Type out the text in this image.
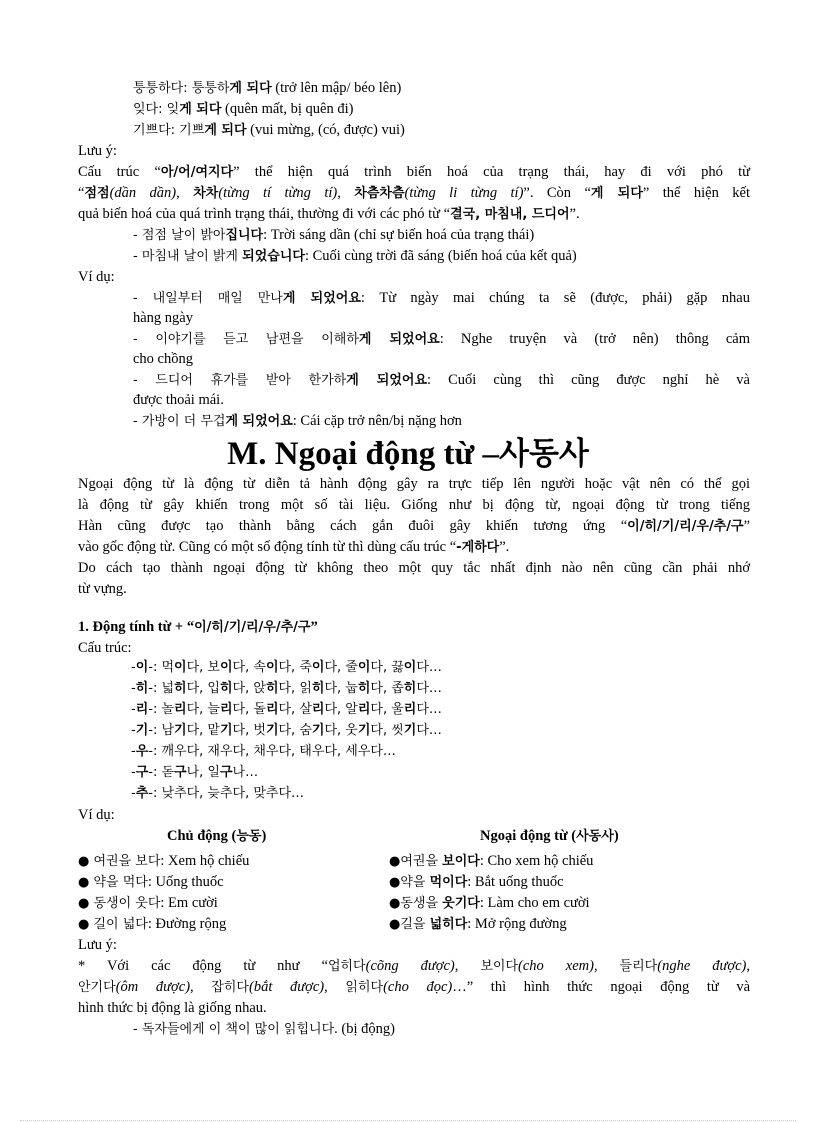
퉁퉁하다: 퉁퉁하게 되다 (trở lên mập/ béo lên)
잊다: 잊게 되다 (quên mất, bị quên đi)
기쁘다: 기쁘게 되다 (vui mừng, (có, được) vui)
Lưu ý:
Cấu trúc “아/어/여지다” thể hiện quá trình biến hoá của trạng thái, hay đi với phó từ
“점점(dần dần), 차차(từng tí từng tí), 차츰차츰(từng li từng tí)”. Còn “게 되다” thể hiện kết
quả biến hoá của quá trình trạng thái, thường đi với các phó từ “결국, 마침내, 드디어”.
- 점점 날이 밝아집니다: Trời sáng dần (chỉ sự biến hoá của trạng thái)
- 마침내 날이 밝게 되었습니다: Cuối cùng trời đã sáng (biến hoá của kết quả)
Ví dụ:
- 내일부터 매일 만나게 되었어요: Từ ngày mai chúng ta sẽ (được, phải) gặp nhau
hàng ngày
- 이야기를 듣고 남편을 이해하게 되었어요: Nghe truyện và (trở nên) thông cảm
cho chồng
- 드디어 휴가를 받아 한가하게 되었어요: Cuối cùng thì cũng được nghỉ hè và
được thoải mái.
- 가방이 더 무겁게 되었어요: Cái cặp trở nên/bị nặng hơn
M. Ngoại động từ –사동사
Ngoại động từ là động từ diễn tả hành động gây ra trực tiếp lên người hoặc vật nên có thể gọi
là động từ gây khiến trong một số tài liệu. Giống như bị động từ, ngoại động từ trong tiếng
Hàn cũng được tạo thành bằng cách gắn đuôi gây khiến tương ứng “이/히/기/리/우/추/구”
vào gốc động từ. Cũng có một số động tính từ thì dùng cấu trúc “-게하다”.
Do cách tạo thành ngoại động từ không theo một quy tắc nhất định nào nên cũng cần phải nhớ
từ vựng.
1. Động tính từ + “이/히/기/리/우/추/구”
Cấu trúc:
-이-: 먹이다, 보이다, 속이다, 죽이다, 줄이다, 끓이다…
-히-: 넓히다, 입히다, 앉히다, 읽히다, 눕히다, 좁히다…
-리-: 놀리다, 늘리다, 돌리다, 살리다, 알리다, 울리다…
-기-: 남기다, 맡기다, 벗기다, 숨기다, 웃기다, 씻기다…
-우-: 깨우다, 재우다, 채우다, 태우다, 세우다…
-구-: 돋구나, 일구나…
-추-: 낮추다, 늦추다, 맞추다…
Ví dụ:
Chủ động (능동)	Ngoại động từ (사동사)
● 여권을 보다: Xem hộ chiếu
● 약을 먹다: Uống thuốc
● 동생이 웃다: Em cười
● 길이 넓다: Đường rộng
●여권을 보이다: Cho xem hộ chiếu
●약을 먹이다: Bắt uống thuốc
●동생을 웃기다: Làm cho em cười
●길을 넓히다: Mở rộng đường
Lưu ý:
* Với các động từ như “업히다(cõng được), 보이다(cho xem), 들리다(nghe được),
안기다(ôm được), 잡히다(bắt được), 읽히다(cho đọc)…” thì hình thức ngoại động từ và
hình thức bị động là giống nhau.
- 독자들에게 이 책이 많이 읽힙니다. (bị động)
